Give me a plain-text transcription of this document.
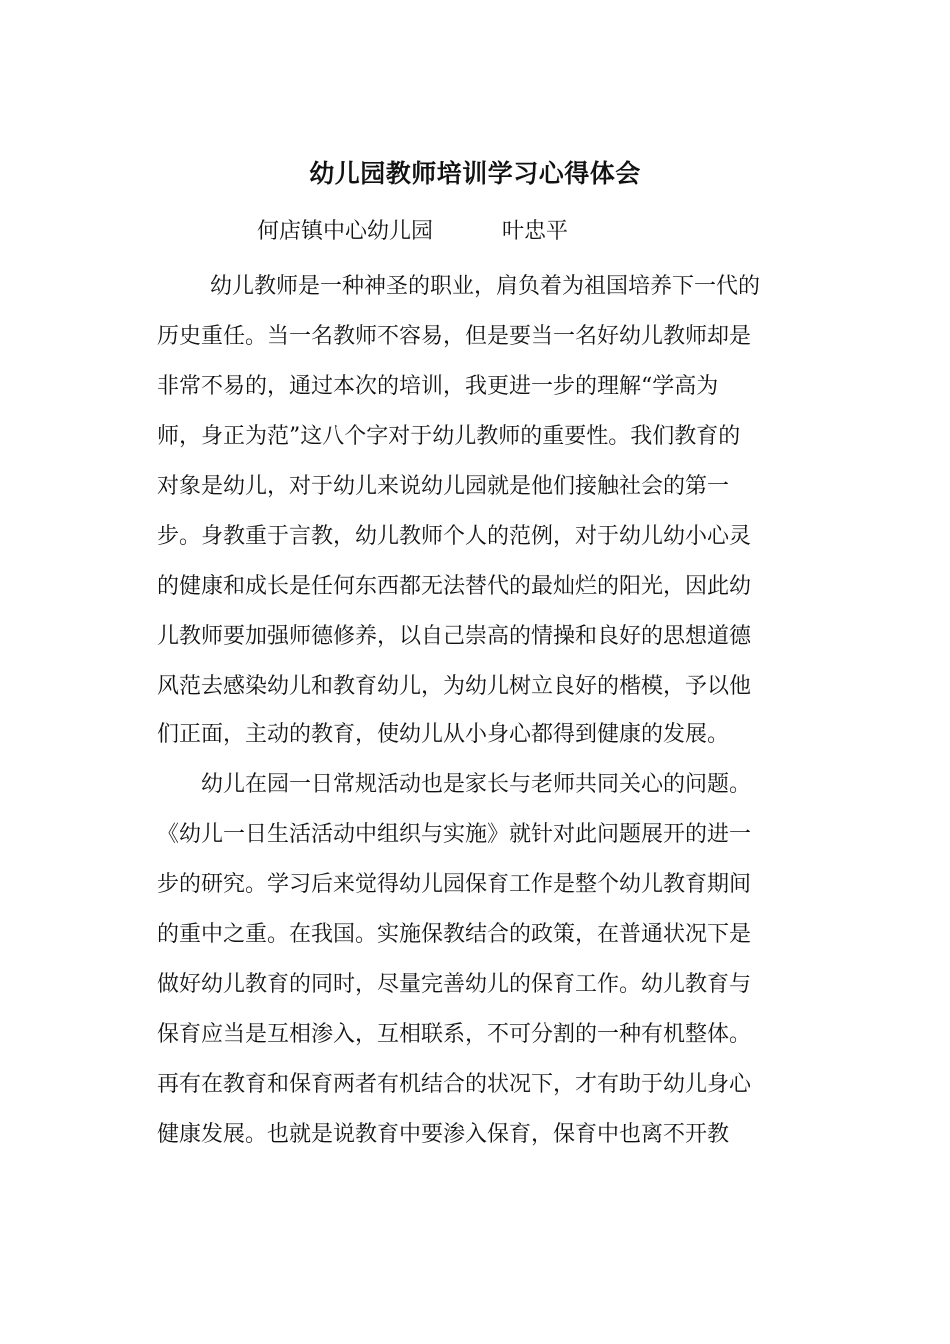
幼儿园教师培训学习心得体会
何店镇中心幼儿园	叶忠平
幼儿教师是一种神圣的职业，肩负着为祖国培养下一代的
历史重任。当一名教师不容易，但是要当一名好幼儿教师却是
非常不易的，通过本次的培训，我更进一步的理解“学高为
师，身正为范”这八个字对于幼儿教师的重要性。我们教育的
对象是幼儿，对于幼儿来说幼儿园就是他们接触社会的第一
步。身教重于言教，幼儿教师个人的范例，对于幼儿幼小心灵
的健康和成长是任何东西都无法替代的最灿烂的阳光，因此幼
儿教师要加强师德修养，以自己崇高的情操和良好的思想道德
风范去感染幼儿和教育幼儿，为幼儿树立良好的楷模，予以他
们正面，主动的教育，使幼儿从小身心都得到健康的发展。
幼儿在园一日常规活动也是家长与老师共同关心的问题。
《幼儿一日生活活动中组织与实施》就针对此问题展开的进一
步的研究。学习后来觉得幼儿园保育工作是整个幼儿教育期间
的重中之重。在我国。实施保教结合的政策，在普通状况下是
做好幼儿教育的同时，尽量完善幼儿的保育工作。幼儿教育与
保育应当是互相渗入，互相联系，不可分割的一种有机整体。
再有在教育和保育两者有机结合的状况下，才有助于幼儿身心
健康发展。也就是说教育中要渗入保育，保育中也离不开教
